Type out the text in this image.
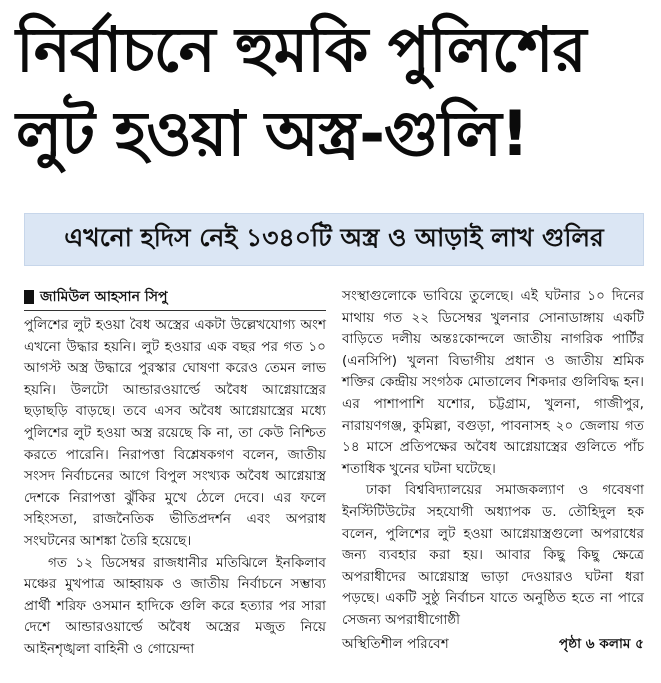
নির্বাচনে হুমকি পুলিশের
লুট হওয়া অস্ত্র-গুলি!
এখনো হদিস নেই ১৩৪০টি অস্ত্র ও আড়াই লাখ গুলির
জামিউল আহসান সিপু

পুলিশের লুট হওয়া বৈধ অস্ত্রের একটা উল্লেখযোগ্য অংশ এখনো উদ্ধার হয়নি। লুট হওয়ার এক বছর পর গত ১০ আগস্ট অস্ত্র উদ্ধারে পুরস্কার ঘোষণা করেও তেমন লাভ হয়নি। উলটো আন্ডারওয়ার্ল্ডে অবৈধ আগ্নেয়াস্ত্রের ছড়াছড়ি বাড়ছে। তবে এসব অবৈধ আগ্নেয়াস্ত্রের মধ্যে পুলিশের লুট হওয়া অস্ত্র রয়েছে কি না, তা কেউ নিশ্চিত করতে পারেনি। নিরাপত্তা বিশ্লেষকগণ বলেন, জাতীয় সংসদ নির্বাচনের আগে বিপুল সংখ্যক অবৈধ আগ্নেয়াস্ত্র দেশকে নিরাপত্তা ঝুঁকির মুখে ঠেলে দেবে। এর ফলে সহিংসতা, রাজনৈতিক ভীতিপ্রদর্শন এবং অপরাধ সংঘটনের আশঙ্কা তৈরি হয়েছে।

গত ১২ ডিসেম্বর রাজধানীর মতিঝিলে ইনকিলাব মঞ্চের মুখপাত্র আহ্বায়ক ও জাতীয় নির্বাচনে সম্ভাব্য প্রার্থী শরিফ ওসমান হাদিকে গুলি করে হত্যার পর সারা দেশে আন্ডারওয়ার্ল্ডে অবৈধ অস্ত্রের মজুত নিয়ে আইনশৃঙ্খলা বাহিনী ও গোয়েন্দা

সংস্থাগুলোকে ভাবিয়ে তুলেছে। এই ঘটনার ১০ দিনের মাথায় গত ২২ ডিসেম্বর খুলনার সোনাডাঙ্গায় একটি বাড়িতে দলীয় অন্তঃকোন্দলে জাতীয় নাগরিক পার্টির (এনসিপি) খুলনা বিভাগীয় প্রধান ও জাতীয় শ্রমিক শক্তির কেন্দ্রীয় সংগঠক মোতালেব শিকদার গুলিবিদ্ধ হন। এর পাশাপাশি যশোর, চট্টগ্রাম, খুলনা, গাজীপুর, নারায়ণগঞ্জ, কুমিল্লা, বগুড়া, পাবনাসহ ২০ জেলায় গত ১৪ মাসে প্রতিপক্ষের অবৈধ আগ্নেয়াস্ত্রের গুলিতে পাঁচ শতাধিক খুনের ঘটনা ঘটেছে।

ঢাকা বিশ্ববিদ্যালয়ের সমাজকল্যাণ ও গবেষণা ইনস্টিটিউটের সহযোগী অধ্যাপক ড. তৌহিদুল হক বলেন, পুলিশের লুট হওয়া আগ্নেয়াস্ত্রগুলো অপরাধের জন্য ব্যবহার করা হয়। আবার কিছু কিছু ক্ষেত্রে অপরাধীদের আগ্নেয়াস্ত্র ভাড়া দেওয়ারও ঘটনা ধরা পড়ছে। একটি সুষ্ঠু নির্বাচন যাতে অনুষ্ঠিত হতে না পারে সেজন্য অপরাধীগোষ্ঠী

অস্থিতিশীল পরিবেশ	পৃষ্ঠা ৬ কলাম ৫
